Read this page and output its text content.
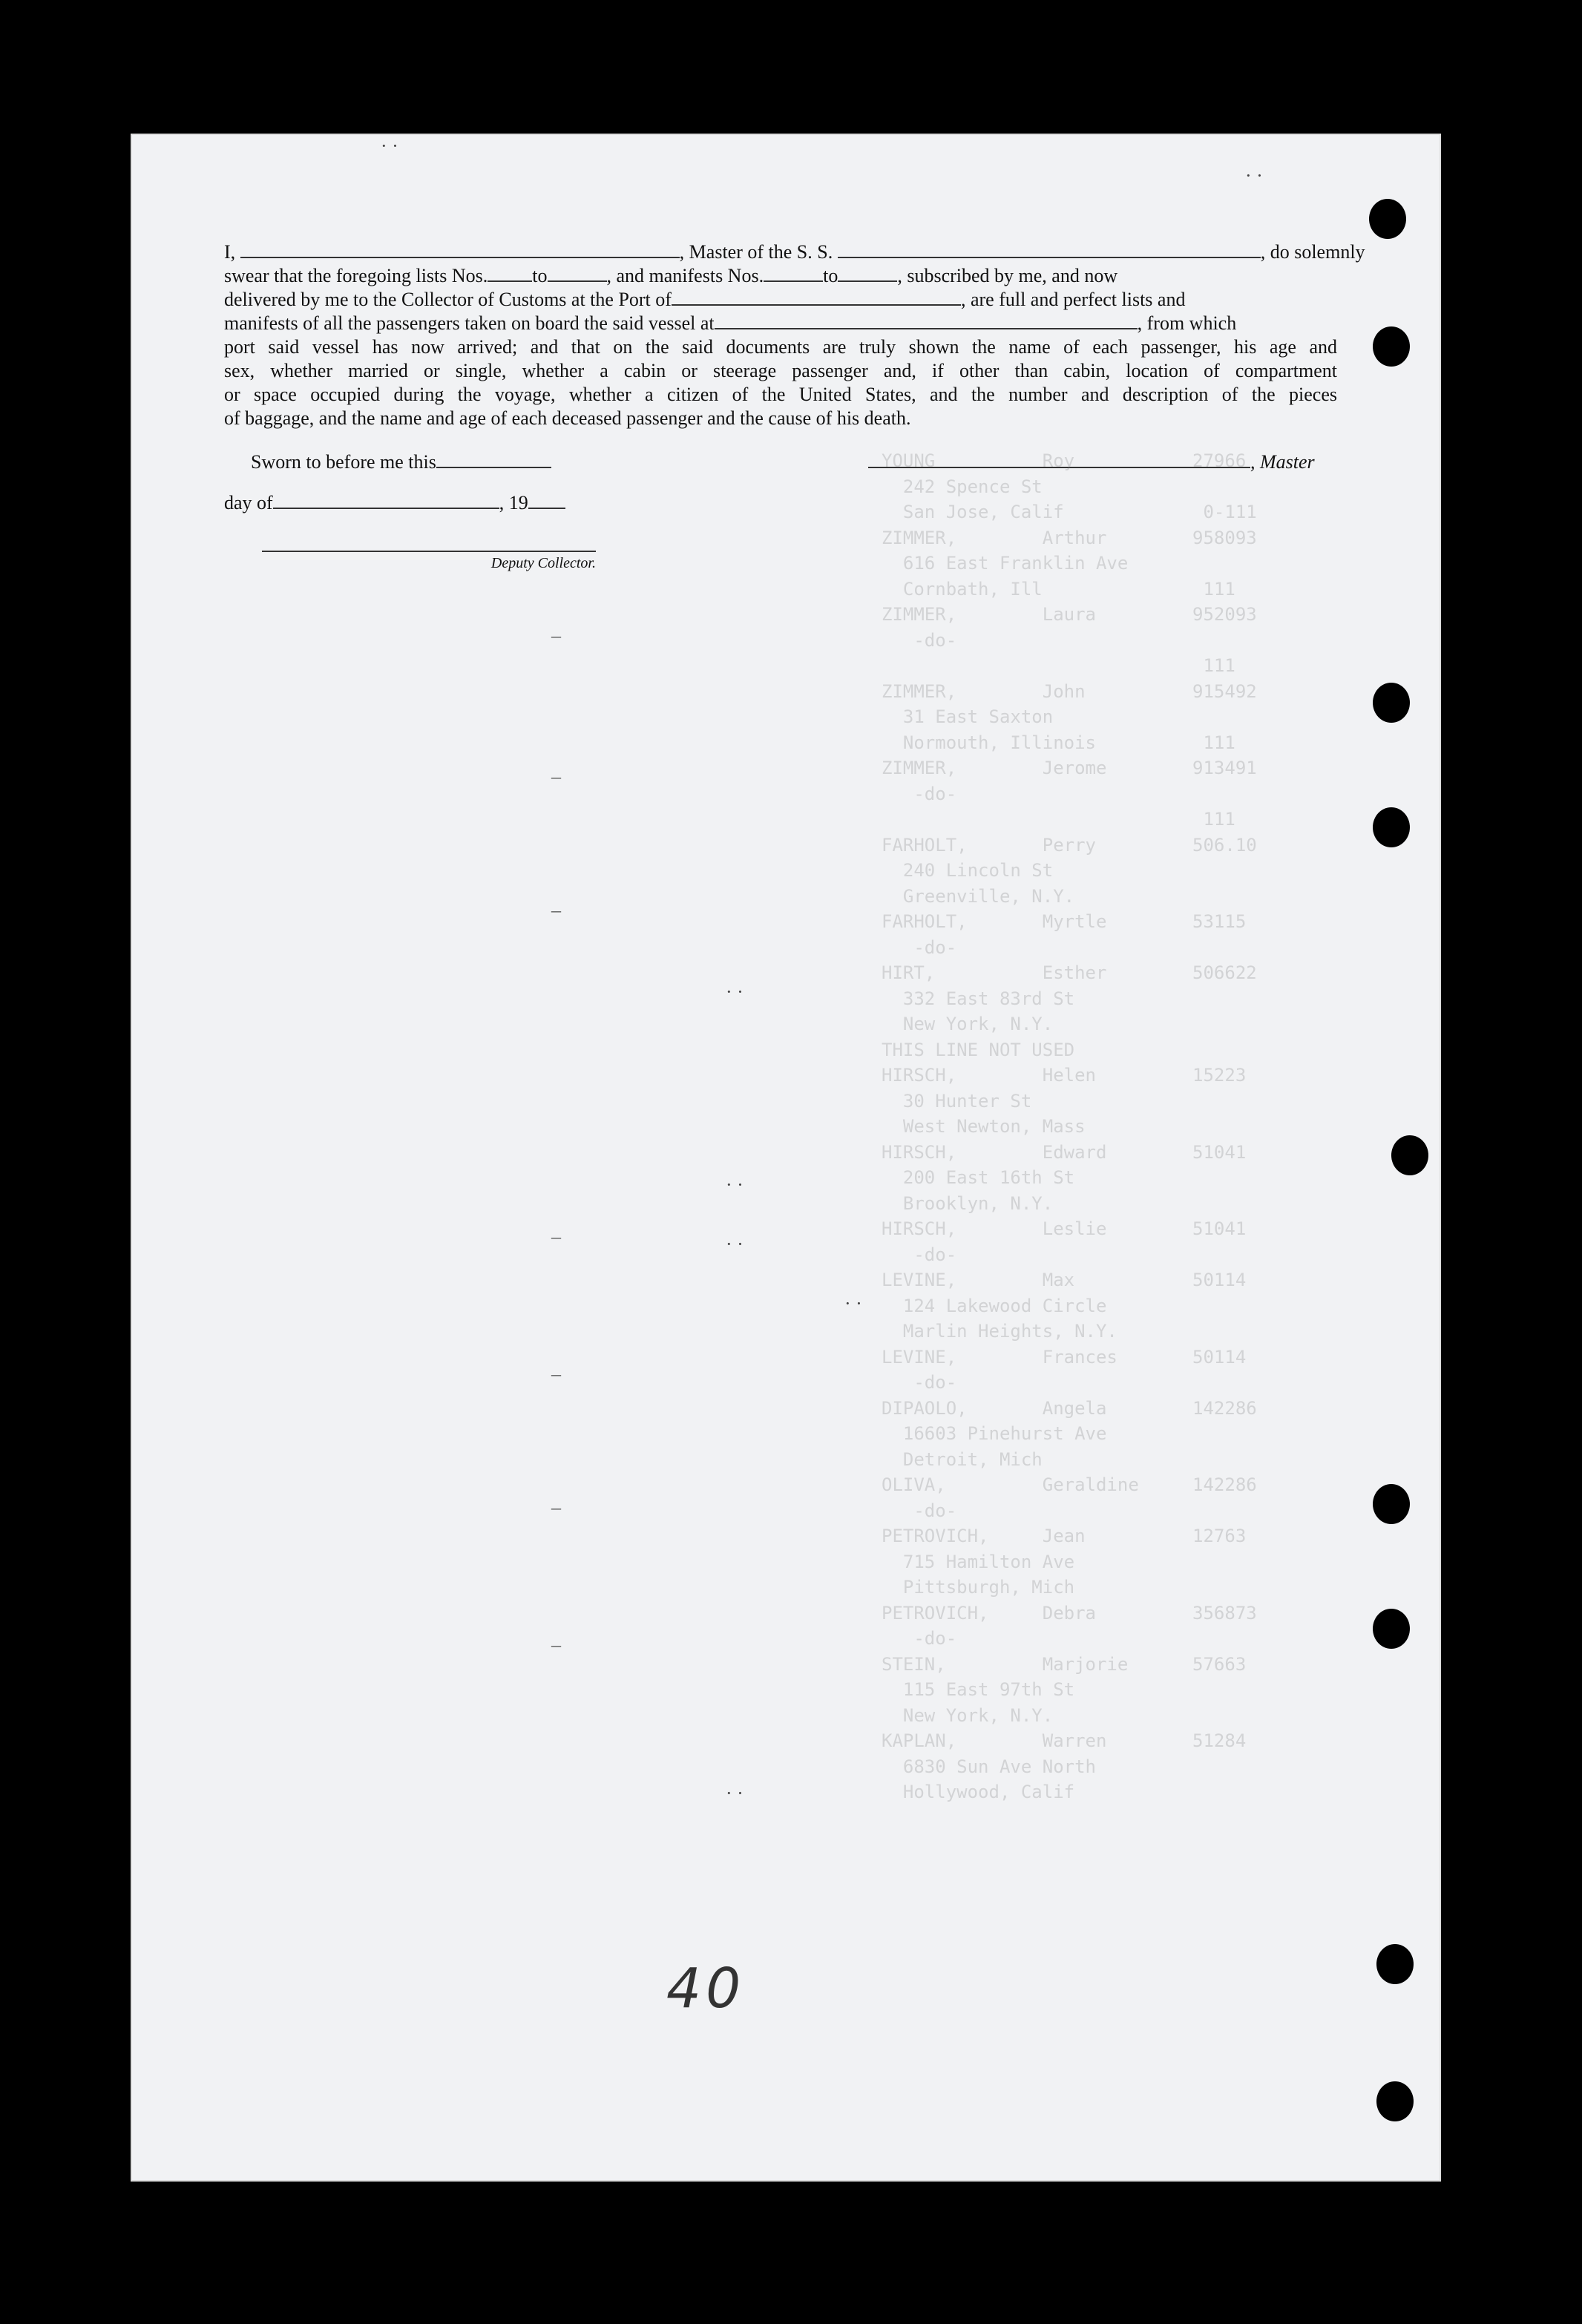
I,	, Master of the S. S.	, do solemnly
swear that the foregoing lists Nos. to	, and manifests Nos.	to	, subscribed by me, and now
delivered by me to the Collector of Customs at the Port of	, are full and perfect lists and
manifests of all the passengers taken on board the said vessel at	, from which
port said vessel has now arrived; and that on the said documents are truly shown the name of each passenger, his age and
sex, whether married or single, whether a cabin or steerage passenger and, if other than cabin, location of compartment
or space occupied during the voyage, whether a citizen of the United States, and the number and description of the pieces
of baggage, and the name and age of each deceased passenger and the cause of his death.
Sworn to before me this	, Master
day of	, 19
Deputy Collector.
YOUNG          Roy           27966
242 Spence St
San Jose, Calif             0-111
ZIMMER,        Arthur        958093
616 East Franklin Ave
Cornbath, Ill               111
ZIMMER,        Laura         952093
-do-
111
ZIMMER,        John          915492
31 East Saxton
Normouth, Illinois          111
ZIMMER,        Jerome        913491
-do-
111
FARHOLT,       Perry         506.10
240 Lincoln St
Greenville, N.Y.
FARHOLT,       Myrtle        53115
-do-
HIRT,          Esther        506622
332 East 83rd St
New York, N.Y.
THIS LINE NOT USED
HIRSCH,        Helen         15223
30 Hunter St
West Newton, Mass
HIRSCH,        Edward        51041
200 East 16th St
Brooklyn, N.Y.
HIRSCH,        Leslie        51041
-do-
LEVINE,        Max           50114
124 Lakewood Circle
Marlin Heights, N.Y.
LEVINE,        Frances       50114
-do-
DIPAOLO,       Angela        142286
16603 Pinehurst Ave
Detroit, Mich
OLIVA,         Geraldine     142286
-do-
PETROVICH,     Jean          12763
715 Hamilton Ave
Pittsburgh, Mich
PETROVICH,     Debra         356873
-do-
STEIN,         Marjorie      57663
115 East 97th St
New York, N.Y.
KAPLAN,        Warren        51284
6830 Sun Ave North
Hollywood, Calif
–
–
–
–
–
–
–
· ·
· ·
· ·
· ·
· ·
· ·
· ·
40
